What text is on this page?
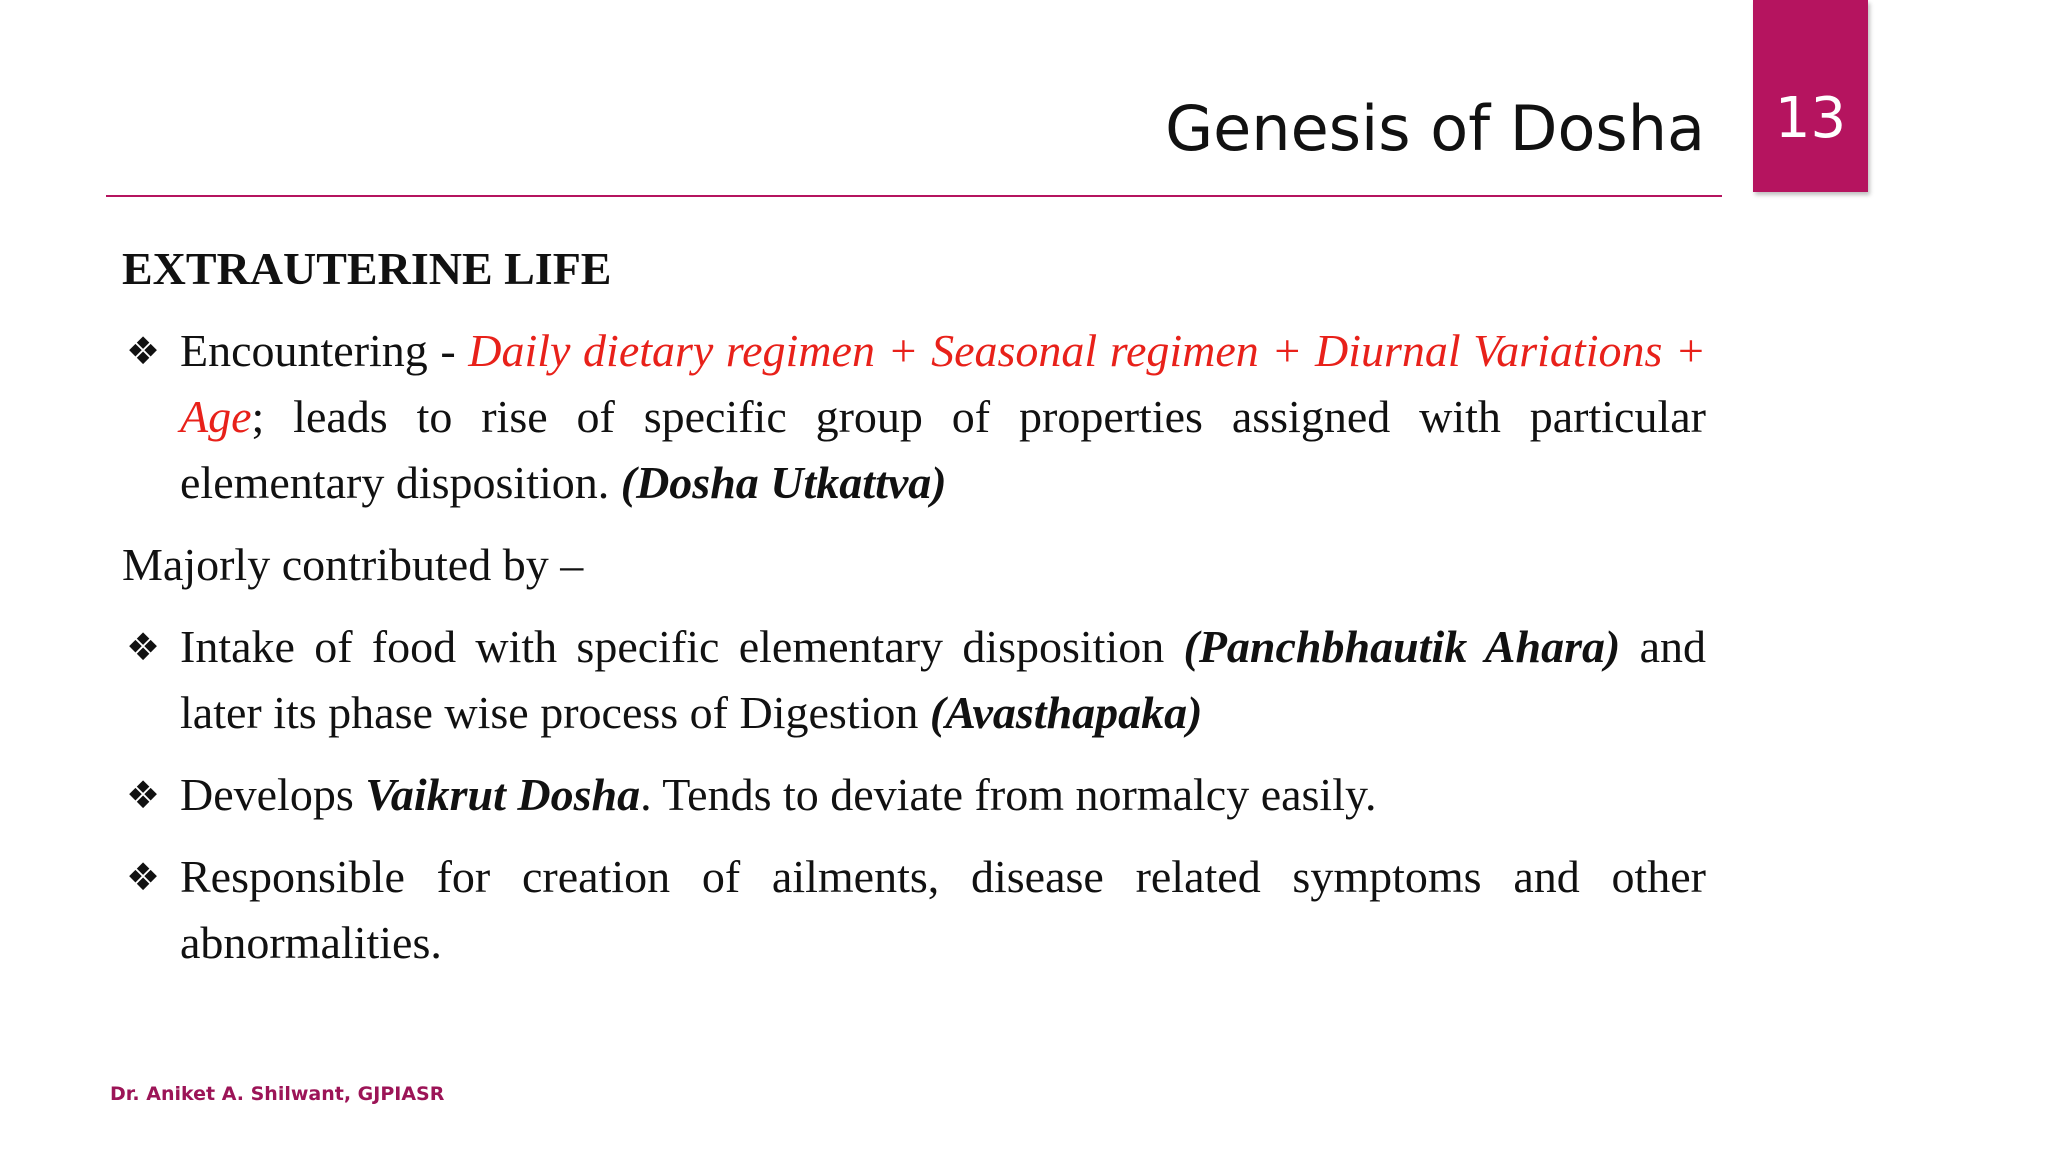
13
Genesis of Dosha
EXTRAUTERINE LIFE
❖ Encountering - Daily dietary regimen + Seasonal regimen + Diurnal Variations + Age; leads to rise of specific group of properties assigned with particular elementary disposition. (Dosha Utkattva)
Majorly contributed by –
❖ Intake of food with specific elementary disposition (Panchbhautik Ahara) and later its phase wise process of Digestion (Avasthapaka)
❖ Develops Vaikrut Dosha. Tends to deviate from normalcy easily.
❖ Responsible for creation of ailments, disease related symptoms and other abnormalities.
Dr. Aniket A. Shilwant, GJPIASR
